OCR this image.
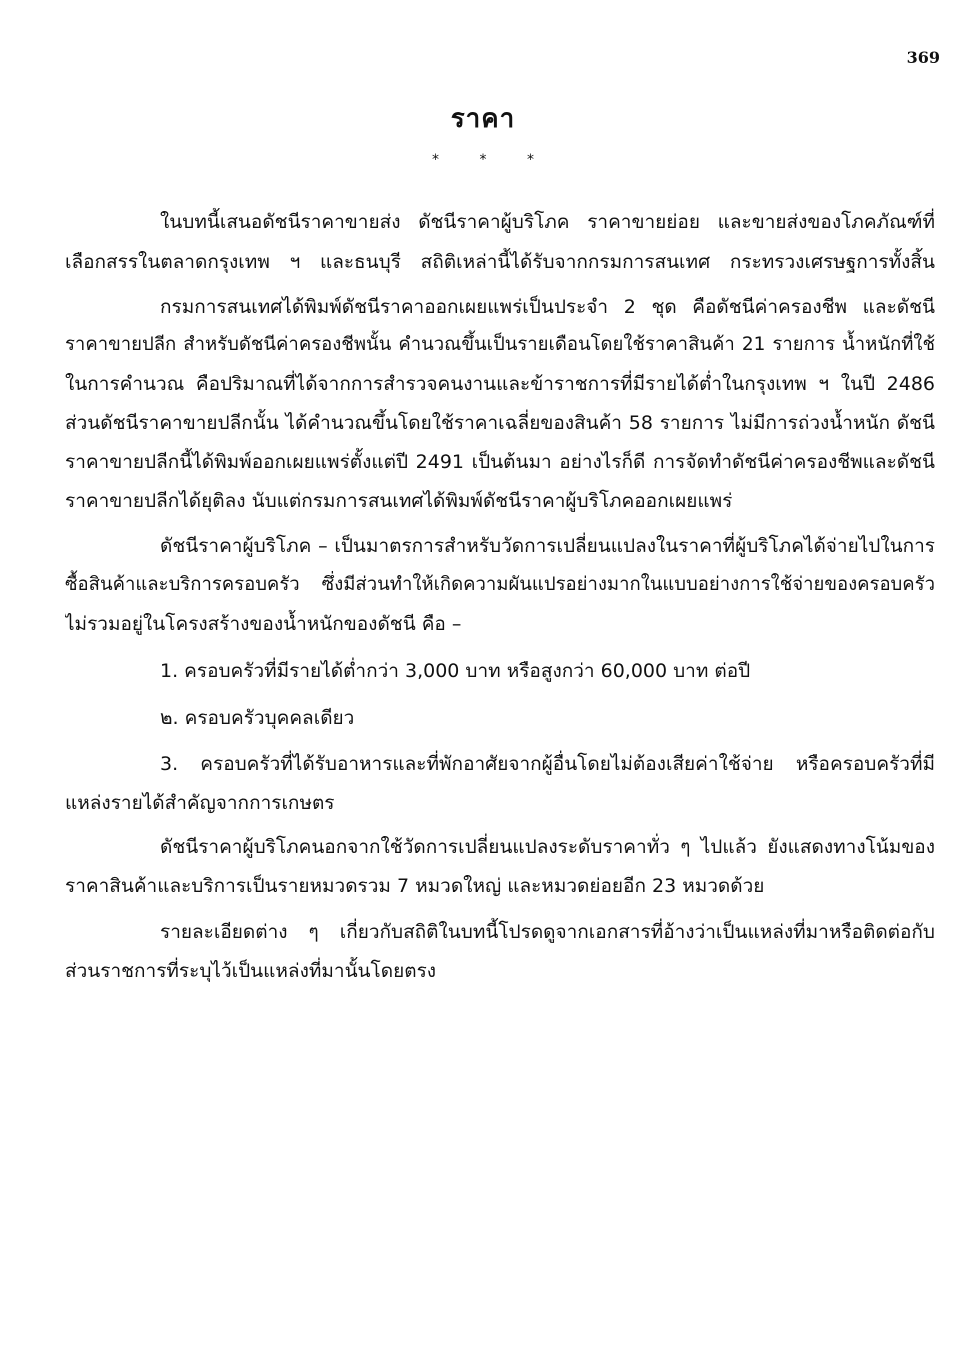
369
ราคา
* * *
ในบทนี้เสนอดัชนีราคาขายส่ง ดัชนีราคาผู้บริโภค ราคาขายย่อย และขายส่งของโภคภัณฑ์ที่
เลือกสรรในตลาดกรุงเทพ ฯ และธนบุรี สถิติเหล่านี้ได้รับจากกรมการสนเทศ กระทรวงเศรษฐการทั้งสิ้น
กรมการสนเทศได้พิมพ์ดัชนีราคาออกเผยแพร่เป็นประจำ 2 ชุด คือดัชนีค่าครองชีพ และดัชนี
ราคาขายปลีก สำหรับดัชนีค่าครองชีพนั้น คำนวณขึ้นเป็นรายเดือนโดยใช้ราคาสินค้า 21 รายการ น้ำหนักที่ใช้
ในการคำนวณ คือปริมาณที่ได้จากการสำรวจคนงานและข้าราชการที่มีรายได้ต่ำในกรุงเทพ ฯ ในปี 2486
ส่วนดัชนีราคาขายปลีกนั้น ได้คำนวณขึ้นโดยใช้ราคาเฉลี่ยของสินค้า 58 รายการ ไม่มีการถ่วงน้ำหนัก ดัชนี
ราคาขายปลีกนี้ได้พิมพ์ออกเผยแพร่ตั้งแต่ปี 2491 เป็นต้นมา อย่างไรก็ดี การจัดทำดัชนีค่าครองชีพและดัชนี
ราคาขายปลีกได้ยุติลง นับแต่กรมการสนเทศได้พิมพ์ดัชนีราคาผู้บริโภคออกเผยแพร่
ดัชนีราคาผู้บริโภค – เป็นมาตรการสำหรับวัดการเปลี่ยนแปลงในราคาที่ผู้บริโภคได้จ่ายไปในการ
ซื้อสินค้าและบริการครอบครัว ซึ่งมีส่วนทำให้เกิดความผันแปรอย่างมากในแบบอย่างการใช้จ่ายของครอบครัว
ไม่รวมอยู่ในโครงสร้างของน้ำหนักของดัชนี คือ –
1. ครอบครัวที่มีรายได้ต่ำกว่า 3,000 บาท หรือสูงกว่า 60,000 บาท ต่อปี
๒. ครอบครัวบุคคลเดียว
3. ครอบครัวที่ได้รับอาหารและที่พักอาศัยจากผู้อื่นโดยไม่ต้องเสียค่าใช้จ่าย หรือครอบครัวที่มี
แหล่งรายได้สำคัญจากการเกษตร
ดัชนีราคาผู้บริโภคนอกจากใช้วัดการเปลี่ยนแปลงระดับราคาทั่ว ๆ ไปแล้ว ยังแสดงทางโน้มของ
ราคาสินค้าและบริการเป็นรายหมวดรวม 7 หมวดใหญ่ และหมวดย่อยอีก 23 หมวดด้วย
รายละเอียดต่าง ๆ เกี่ยวกับสถิติในบทนี้โปรดดูจากเอกสารที่อ้างว่าเป็นแหล่งที่มาหรือติดต่อกับ
ส่วนราชการที่ระบุไว้เป็นแหล่งที่มานั้นโดยตรง
